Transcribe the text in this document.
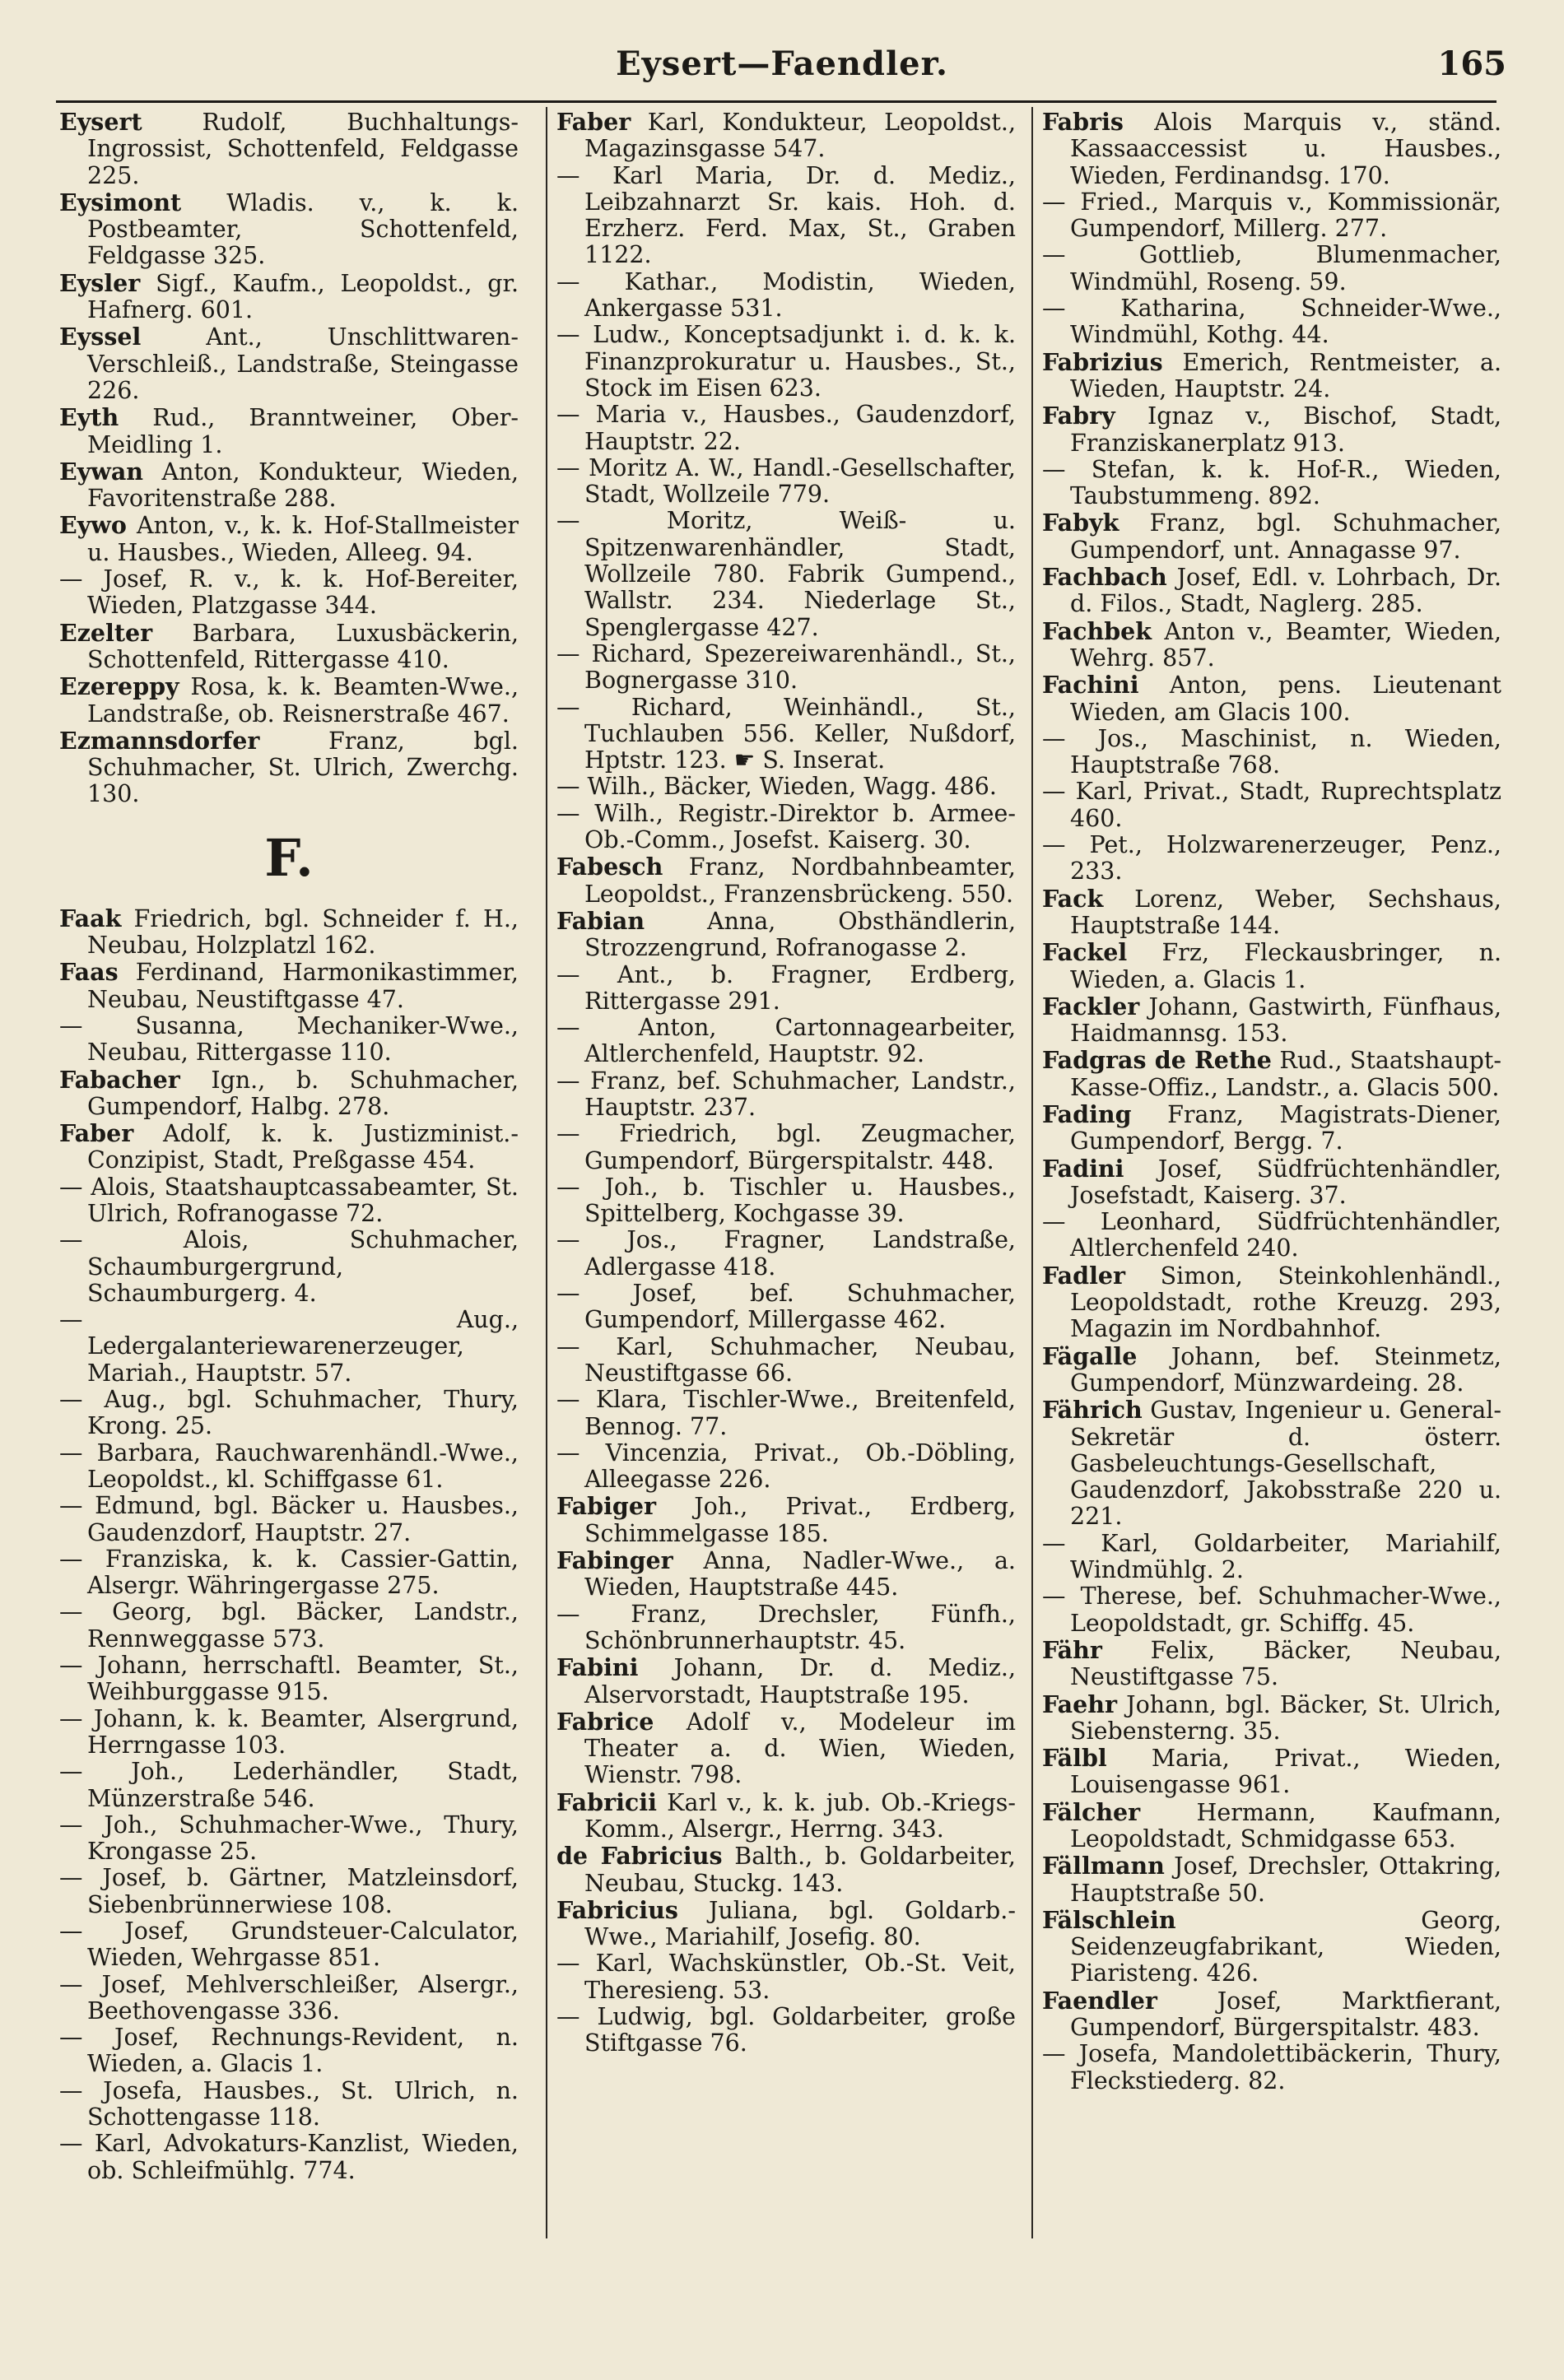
Eysert—Faendler.	165

Eysert	Rudolf, Buchhaltungs-Ingrossist, Schottenfeld, Feldgasse 225.

Eysimont Wladis. v., k. k. Postbeamter, Schottenfeld, Feldgasse 325.

Eysler Sigf., Kaufm., Leopoldst., gr. Hafnerg. 601.

Eyssel	Ant., Unschlittwaren-Verschleiß., Landstraße, Steingasse 226.

Eyth Rud., Branntweiner, Ober-Meidling 1.

Eywan Anton, Kondukteur, Wieden, Favoritenstraße 288.

Eywo Anton, v., k. k. Hof-Stallmeister u. Hausbes., Wieden, Alleeg. 94.

— Josef, R. v., k. k. Hof-Bereiter, Wieden, Platzgasse 344.

Ezelter Barbara, Luxusbäckerin, Schottenfeld, Rittergasse 410.

Ezereppy Rosa, k. k. Beamten-Wwe., Landstraße, ob. Reisnerstraße 467.

Ezmannsdorfer	Franz, bgl. Schuhmacher, St. Ulrich, Zwerchg. 130.

F.

Faak Friedrich, bgl. Schneider f. H., Neubau, Holzplatzl 162.

Faas Ferdinand, Harmonikastimmer, Neubau, Neustiftgasse 47.

— Susanna, Mechaniker-Wwe., Neubau, Rittergasse 110.

Fabacher Ign., b. Schuhmacher, Gumpendorf, Halbg. 278.

Faber Adolf, k. k. Justizminist.-Conzipist, Stadt, Preßgasse 454.

— Alois, Staatshauptcassabeamter, St. Ulrich, Rofranogasse 72.

— Alois, Schuhmacher, Schaumburgergrund, Schaumburgerg. 4.

— Aug., Ledergalanteriewarenerzeuger, Mariah., Hauptstr. 57.

— Aug., bgl. Schuhmacher, Thury, Krong. 25.

— Barbara, Rauchwarenhändl.-Wwe., Leopoldst., kl. Schiffgasse 61.

— Edmund, bgl. Bäcker u. Hausbes., Gaudenzdorf, Hauptstr. 27.

— Franziska, k. k. Cassier-Gattin, Alsergr. Währingergasse 275.

— Georg, bgl. Bäcker, Landstr., Rennweggasse 573.

— Johann, herrschaftl. Beamter, St., Weihburggasse 915.

— Johann, k. k. Beamter, Alsergrund, Herrngasse 103.

— Joh., Lederhändler, Stadt, Münzerstraße 546.

— Joh., Schuhmacher-Wwe., Thury, Krongasse 25.

— Josef, b. Gärtner, Matzleinsdorf, Siebenbrünnerwiese 108.

— Josef, Grundsteuer-Calculator, Wieden, Wehrgasse 851.

— Josef, Mehlverschleißer, Alsergr., Beethovengasse 336.

— Josef, Rechnungs-Revident, n. Wieden, a. Glacis 1.

— Josefa, Hausbes., St. Ulrich, n. Schottengasse 118.

— Karl, Advokaturs-Kanzlist, Wieden, ob. Schleifmühlg. 774.

Faber Karl, Kondukteur, Leopoldst., Magazinsgasse 547.

— Karl Maria, Dr. d. Mediz., Leibzahnarzt Sr. kais. Hoh. d. Erzherz. Ferd. Max, St., Graben 1122.

— Kathar., Modistin, Wieden, Ankergasse 531.

— Ludw., Konceptsadjunkt i. d. k. k. Finanzprokuratur u. Hausbes., St., Stock im Eisen 623.

— Maria v., Hausbes., Gaudenzdorf, Hauptstr. 22.

— Moritz A. W., Handl.-Gesellschafter, Stadt, Wollzeile 779.

— Moritz, Weiß- u. Spitzenwarenhändler, Stadt, Wollzeile 780. Fabrik Gumpend., Wallstr. 234. Niederlage St., Spenglergasse 427.

— Richard, Spezereiwarenhändl., St., Bognergasse 310.

— Richard, Weinhändl., St., Tuchlauben 556. Keller, Nußdorf, Hptstr. 123. ☛ S. Inserat.

— Wilh., Bäcker, Wieden, Wagg. 486.

— Wilh., Registr.-Direktor b. Armee-Ob.-Comm., Josefst. Kaiserg. 30.

Fabesch Franz, Nordbahnbeamter, Leopoldst., Franzensbrückeng. 550.

Fabian	Anna, Obsthändlerin, Strozzengrund, Rofranogasse 2.

— Ant., b. Fragner, Erdberg, Rittergasse 291.

— Anton, Cartonnagearbeiter, Altlerchenfeld, Hauptstr. 92.

— Franz, bef. Schuhmacher, Landstr., Hauptstr. 237.

— Friedrich, bgl. Zeugmacher, Gumpendorf, Bürgerspitalstr. 448.

— Joh., b. Tischler u. Hausbes., Spittelberg, Kochgasse 39.

— Jos., Fragner, Landstraße, Adlergasse 418.

— Josef, bef. Schuhmacher, Gumpendorf, Millergasse 462.

— Karl, Schuhmacher, Neubau, Neustiftgasse 66.

— Klara, Tischler-Wwe., Breitenfeld, Bennog. 77.

— Vincenzia, Privat., Ob.-Döbling, Alleegasse 226.

Fabiger Joh., Privat., Erdberg, Schimmelgasse 185.

Fabinger Anna, Nadler-Wwe., a. Wieden, Hauptstraße 445.

— Franz, Drechsler, Fünfh., Schönbrunnerhauptstr. 45.

Fabini Johann, Dr. d. Mediz., Alservorstadt, Hauptstraße 195.

Fabrice Adolf v., Modeleur im Theater a. d. Wien, Wieden, Wienstr. 798.

Fabricii Karl v., k. k. jub. Ob.-Kriegs-Komm., Alsergr., Herrng. 343.

de Fabricius Balth., b. Goldarbeiter, Neubau, Stuckg. 143.

Fabricius Juliana, bgl. Goldarb.-Wwe., Mariahilf, Josefig. 80.

— Karl, Wachskünstler, Ob.-St. Veit, Theresieng. 53.

— Ludwig, bgl. Goldarbeiter, große Stiftgasse 76.

Fabris Alois Marquis v., ständ. Kassaaccessist u. Hausbes., Wieden, Ferdinandsg. 170.

— Fried., Marquis v., Kommissionär, Gumpendorf, Millerg. 277.

— Gottlieb, Blumenmacher, Windmühl, Roseng. 59.

— Katharina, Schneider-Wwe., Windmühl, Kothg. 44.

Fabrizius Emerich, Rentmeister, a. Wieden, Hauptstr. 24.

Fabry Ignaz v., Bischof, Stadt, Franziskanerplatz 913.

— Stefan, k. k. Hof-R., Wieden, Taubstummeng. 892.

Fabyk Franz, bgl. Schuhmacher, Gumpendorf, unt. Annagasse 97.

Fachbach Josef, Edl. v. Lohrbach, Dr. d. Filos., Stadt, Naglerg. 285.

Fachbek Anton v., Beamter, Wieden, Wehrg. 857.

Fachini Anton, pens. Lieutenant Wieden, am Glacis 100.

— Jos., Maschinist, n. Wieden, Hauptstraße 768.

— Karl, Privat., Stadt, Ruprechtsplatz 460.

— Pet., Holzwarenerzeuger, Penz., 233.

Fack Lorenz, Weber, Sechshaus, Hauptstraße 144.

Fackel Frz, Fleckausbringer, n. Wieden, a. Glacis 1.

Fackler Johann, Gastwirth, Fünfhaus, Haidmannsg. 153.

Fadgras de Rethe Rud., Staatshaupt-Kasse-Offiz., Landstr., a. Glacis 500.

Fading Franz, Magistrats-Diener, Gumpendorf, Bergg. 7.

Fadini Josef, Südfrüchtenhändler, Josefstadt, Kaiserg. 37.

— Leonhard, Südfrüchtenhändler, Altlerchenfeld 240.

Fadler Simon, Steinkohlenhändl., Leopoldstadt, rothe Kreuzg. 293, Magazin im Nordbahnhof.

Fägalle Johann, bef. Steinmetz, Gumpendorf, Münzwardeing. 28.

Fährich Gustav, Ingenieur u. General-Sekretär d. österr. Gasbeleuchtungs-Gesellschaft, Gaudenzdorf, Jakobsstraße 220 u. 221.

— Karl, Goldarbeiter, Mariahilf, Windmühlg. 2.

— Therese, bef. Schuhmacher-Wwe., Leopoldstadt, gr. Schiffg. 45.

Fähr Felix, Bäcker, Neubau, Neustiftgasse 75.

Faehr Johann, bgl. Bäcker, St. Ulrich, Siebensterng. 35.

Fälbl Maria, Privat., Wieden, Louisengasse 961.

Fälcher Hermann, Kaufmann, Leopoldstadt, Schmidgasse 653.

Fällmann Josef, Drechsler, Ottakring, Hauptstraße 50.

Fälschlein	Georg, Seidenzeugfabrikant, Wieden, Piaristeng. 426.

Faendler	Josef, Marktfierant, Gumpendorf, Bürgerspitalstr. 483.

— Josefa, Mandolettibäckerin, Thury, Fleckstiederg. 82.
